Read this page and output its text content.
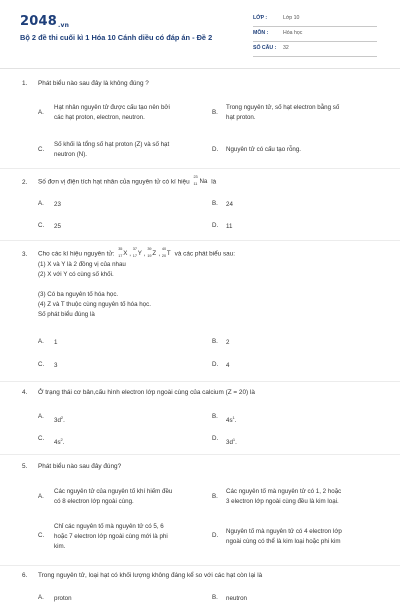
2048.vn
Bộ 2 đề thi cuối kì 1 Hóa 10 Cánh diều có đáp án - Đề 2
LỚP :	Lớp 10
MÔN :	Hóa học
SỐ CÂU : 32
1. Phát biểu nào sau đây là không đúng ?
A.
Hạt nhân nguyên tử được cấu tạo nên bởi
các hạt proton, electron, neutron.
B.
Trong nguyên tử, số hạt electron bằng số
hạt proton.
C.
Số khối là tổng số hạt proton (Z) và số hạt
neutron (N).
D. Nguyên tử có cấu tạo rỗng.
2. Số đơn vị điện tích hạt nhân của nguyên tử có kí hiệu
23
11 Na là
A. 23	B. 24
C. 25	D. 11
3. Cho các kí hiệu nguyên tử:
35
17 X ,
37
17 Y ,
39
19 Z ,
40
20 T và các phát biểu sau:
(1) X và Y là 2 đồng vị của nhau
(2) X với Y có cùng số khối.
(3) Có ba nguyên tố hóa học.
(4) Z và T thuộc cùng nguyên tố hóa học.
Số phát biểu đúng là
A. 1	B. 2
C. 3	D. 4
4. Ở trạng thái cơ bản,cấu hình electron lớp ngoài cùng của calcium (Z = 20) là
A.
$3d^2$.
B.
$4s^1$.
C.
$4s^2$.
D.
$3d^1$.
5. Phát biểu nào sau đây đúng?
A.
Các nguyên tử của nguyên tố khí hiếm đều
có 8 electron lớp ngoài cùng.
B.
Các nguyên tố mà nguyên tử có 1, 2 hoặc
3 electron lớp ngoài cùng đều là kim loại.
C.
Chỉ các nguyên tố mà nguyên tử có 5, 6
hoặc 7 electron lớp ngoài cùng mới là phi
kim.
D.
Nguyên tố mà nguyên tử có 4 electron lớp
ngoài cùng có thể là kim loại hoặc phi kim
6. Trong nguyên tử, loại hạt có khối lượng không đáng kể so với các hạt còn lại là
A. proton	B. neutron
